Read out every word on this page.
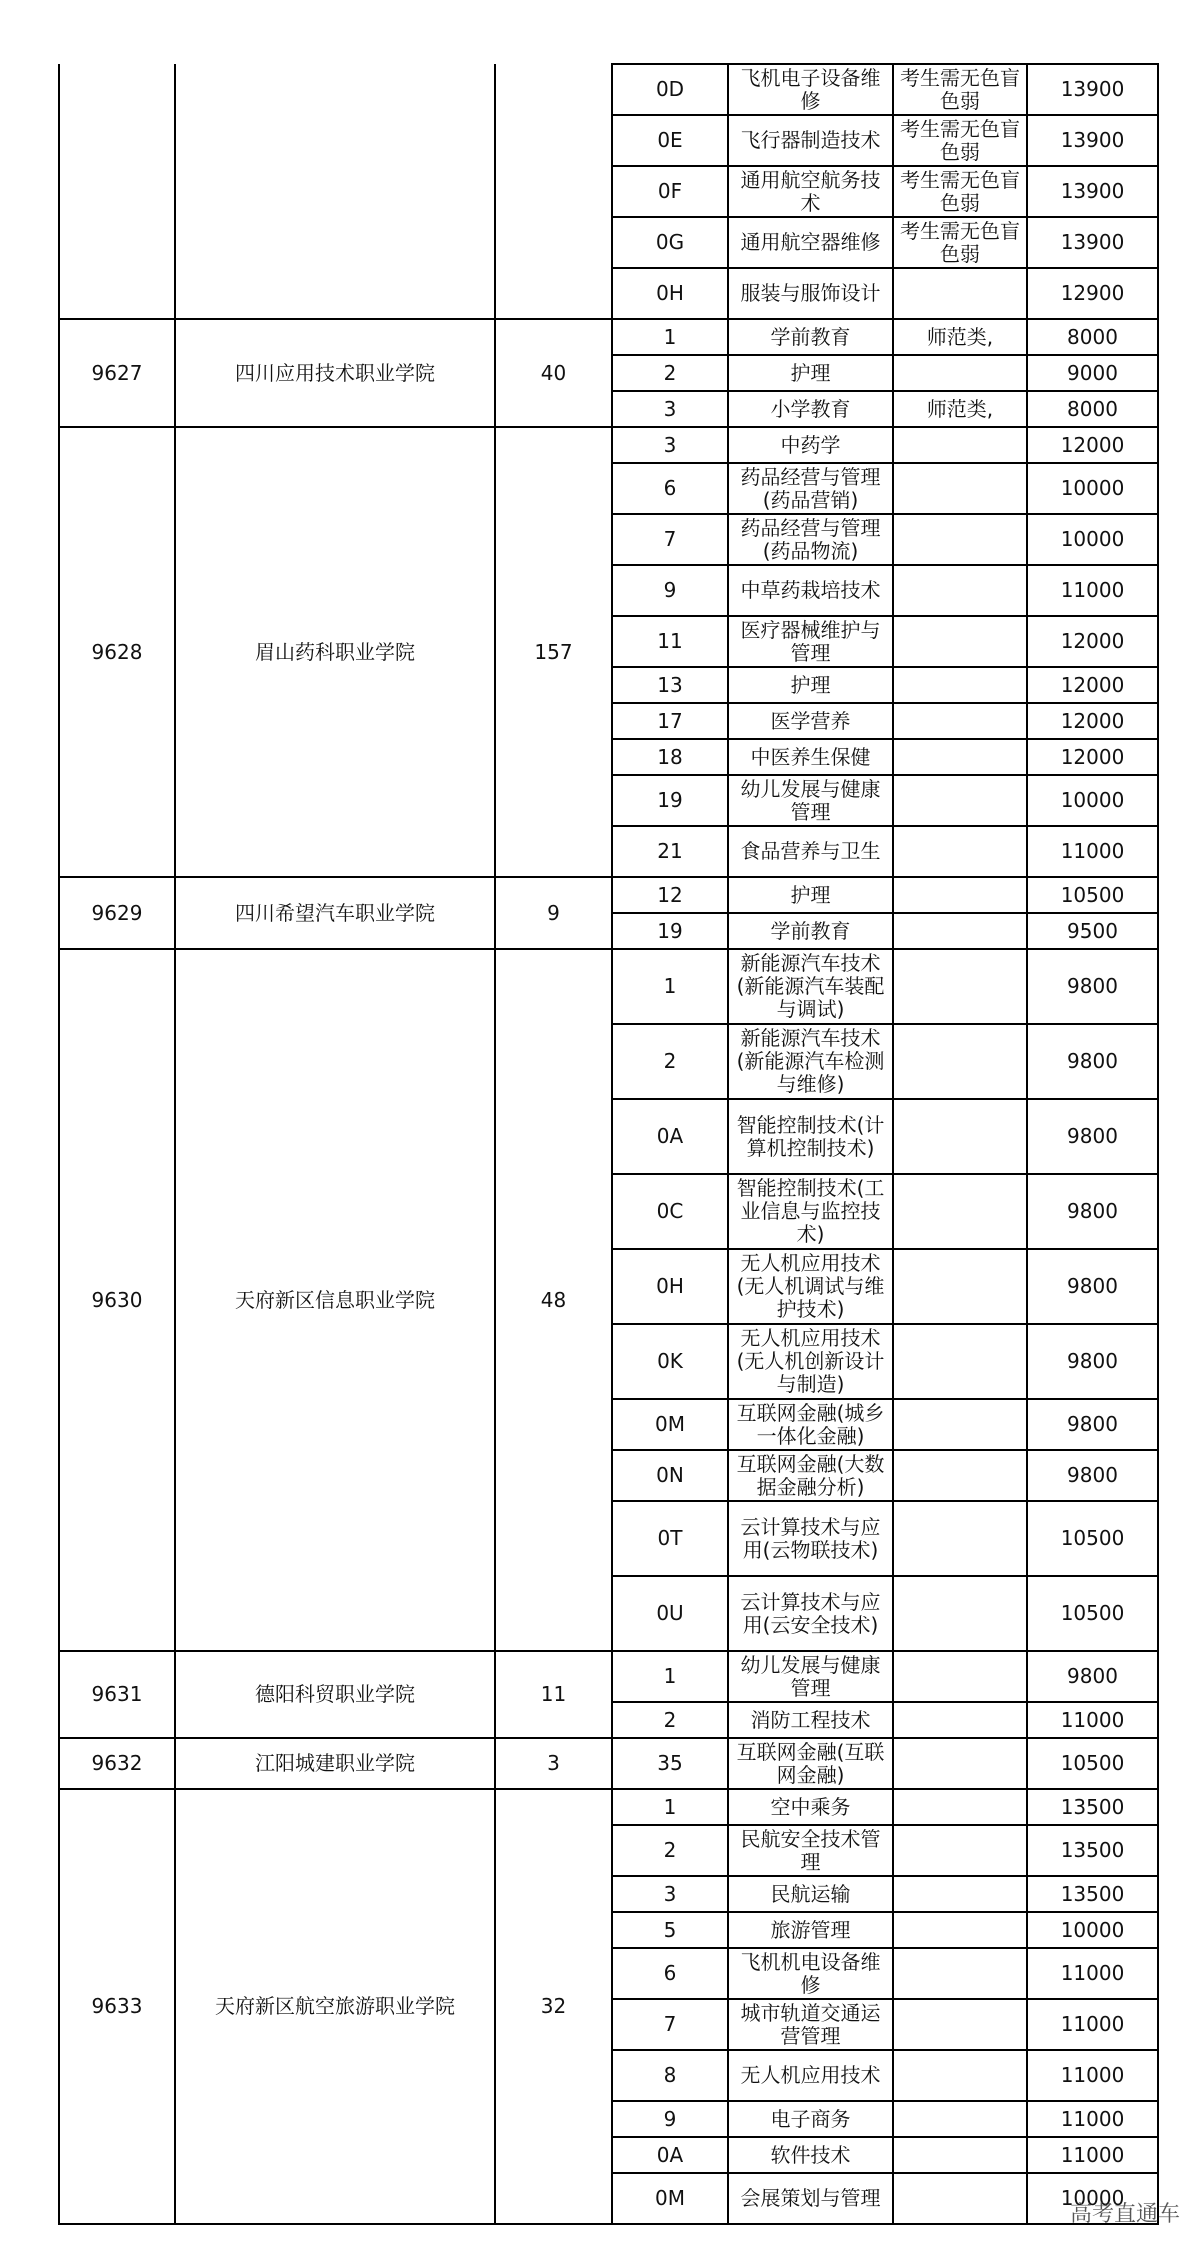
			0D	飞机电子设备维修	考生需无色盲色弱	13900
			0E	飞行器制造技术	考生需无色盲色弱	13900
			0F	通用航空航务技术	考生需无色盲色弱	13900
			0G	通用航空器维修	考生需无色盲色弱	13900
			0H	服装与服饰设计		12900
9627	四川应用技术职业学院	40	1	学前教育	师范类,	8000
			2	护理		9000
			3	小学教育	师范类,	8000
9628	眉山药科职业学院	157	3	中药学		12000
			6	药品经营与管理(药品营销)		10000
			7	药品经营与管理(药品物流)		10000
			9	中草药栽培技术		11000
			11	医疗器械维护与管理		12000
			13	护理		12000
			17	医学营养		12000
			18	中医养生保健		12000
			19	幼儿发展与健康管理		10000
			21	食品营养与卫生		11000
9629	四川希望汽车职业学院	9	12	护理		10500
			19	学前教育		9500
9630	天府新区信息职业学院	48	1	新能源汽车技术(新能源汽车装配与调试)		9800
			2	新能源汽车技术(新能源汽车检测与维修)		9800
			0A	智能控制技术(计算机控制技术)		9800
			0C	智能控制技术(工业信息与监控技术)		9800
			0H	无人机应用技术(无人机调试与维护技术)		9800
			0K	无人机应用技术(无人机创新设计与制造)		9800
			0M	互联网金融(城乡一体化金融)		9800
			0N	互联网金融(大数据金融分析)		9800
			0T	云计算技术与应用(云物联技术)		10500
			0U	云计算技术与应用(云安全技术)		10500
9631	德阳科贸职业学院	11	1	幼儿发展与健康管理		9800
			2	消防工程技术		11000
9632	江阳城建职业学院	3	35	互联网金融(互联网金融)		10500
9633	天府新区航空旅游职业学院	32	1	空中乘务		13500
			2	民航安全技术管理		13500
			3	民航运输		13500
			5	旅游管理		10000
			6	飞机机电设备维修		11000
			7	城市轨道交通运营管理		11000
			8	无人机应用技术		11000
			9	电子商务		11000
			0A	软件技术		11000
			0M	会展策划与管理		10000
高考直通车
